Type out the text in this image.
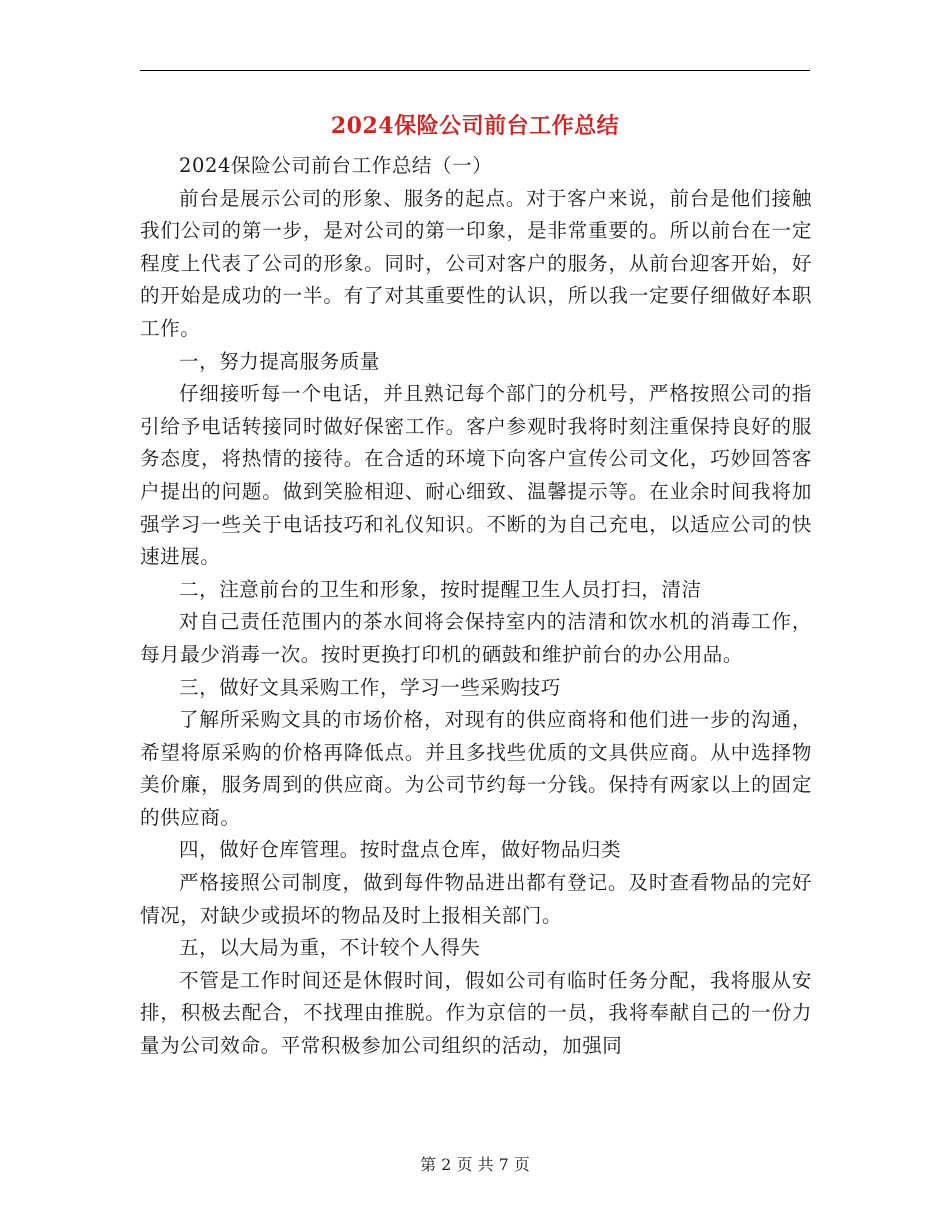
2024保险公司前台工作总结

2024保险公司前台工作总结（一）

前台是展示公司的形象、服务的起点。对于客户来说，前台是他们接触我们公司的第一步，是对公司的第一印象，是非常重要的。所以前台在一定程度上代表了公司的形象。同时，公司对客户的服务，从前台迎客开始，好的开始是成功的一半。有了对其重要性的认识，所以我一定要仔细做好本职工作。

一，努力提高服务质量

仔细接听每一个电话，并且熟记每个部门的分机号，严格按照公司的指引给予电话转接同时做好保密工作。客户参观时我将时刻注重保持良好的服务态度，将热情的接待。在合适的环境下向客户宣传公司文化，巧妙回答客户提出的问题。做到笑脸相迎、耐心细致、温馨提示等。在业余时间我将加强学习一些关于电话技巧和礼仪知识。不断的为自己充电，以适应公司的快速进展。

二，注意前台的卫生和形象，按时提醒卫生人员打扫，清洁

对自己责任范围内的茶水间将会保持室内的洁清和饮水机的消毒工作，每月最少消毒一次。按时更换打印机的硒鼓和维护前台的办公用品。

三，做好文具采购工作，学习一些采购技巧

了解所采购文具的市场价格，对现有的供应商将和他们进一步的沟通，希望将原采购的价格再降低点。并且多找些优质的文具供应商。从中选择物美价廉，服务周到的供应商。为公司节约每一分钱。保持有两家以上的固定的供应商。

四，做好仓库管理。按时盘点仓库，做好物品归类

严格接照公司制度，做到每件物品进出都有登记。及时查看物品的完好情况，对缺少或损坏的物品及时上报相关部门。

五，以大局为重，不计较个人得失

不管是工作时间还是休假时间，假如公司有临时任务分配，我将服从安排，积极去配合，不找理由推脱。作为京信的一员，我将奉献自己的一份力量为公司效命。平常积极参加公司组织的活动，加强同

第 2 页 共 7 页
